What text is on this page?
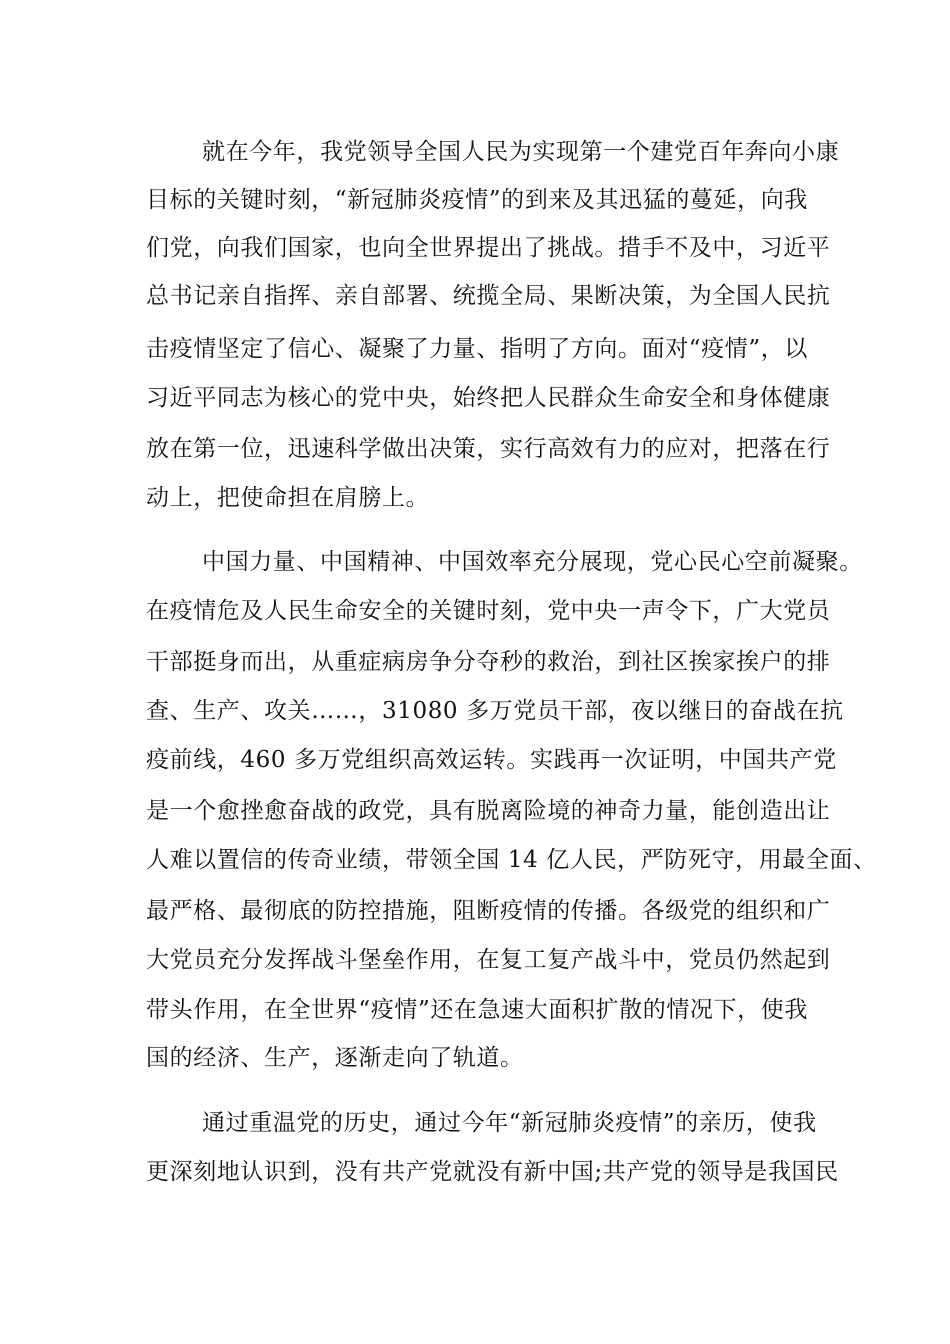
就在今年，我党领导全国人民为实现第一个建党百年奔向小康
目标的关键时刻，“新冠肺炎疫情”的到来及其迅猛的蔓延，向我
们党，向我们国家，也向全世界提出了挑战。措手不及中，习近平
总书记亲自指挥、亲自部署、统揽全局、果断决策，为全国人民抗
击疫情坚定了信心、凝聚了力量、指明了方向。面对“疫情”，以
习近平同志为核心的党中央，始终把人民群众生命安全和身体健康
放在第一位，迅速科学做出决策，实行高效有力的应对，把落在行
动上，把使命担在肩膀上。
中国力量、中国精神、中国效率充分展现，党心民心空前凝聚。
在疫情危及人民生命安全的关键时刻，党中央一声令下，广大党员
干部挺身而出，从重症病房争分夺秒的救治，到社区挨家挨户的排
查、生产、攻关……，31080 多万党员干部，夜以继日的奋战在抗
疫前线，460 多万党组织高效运转。实践再一次证明，中国共产党
是一个愈挫愈奋战的政党，具有脱离险境的神奇力量，能创造出让
人难以置信的传奇业绩，带领全国 14 亿人民，严防死守，用最全面、
最严格、最彻底的防控措施，阻断疫情的传播。各级党的组织和广
大党员充分发挥战斗堡垒作用，在复工复产战斗中，党员仍然起到
带头作用，在全世界“疫情”还在急速大面积扩散的情况下，使我
国的经济、生产，逐渐走向了轨道。
通过重温党的历史，通过今年“新冠肺炎疫情”的亲历，使我
更深刻地认识到，没有共产党就没有新中国;共产党的领导是我国民
